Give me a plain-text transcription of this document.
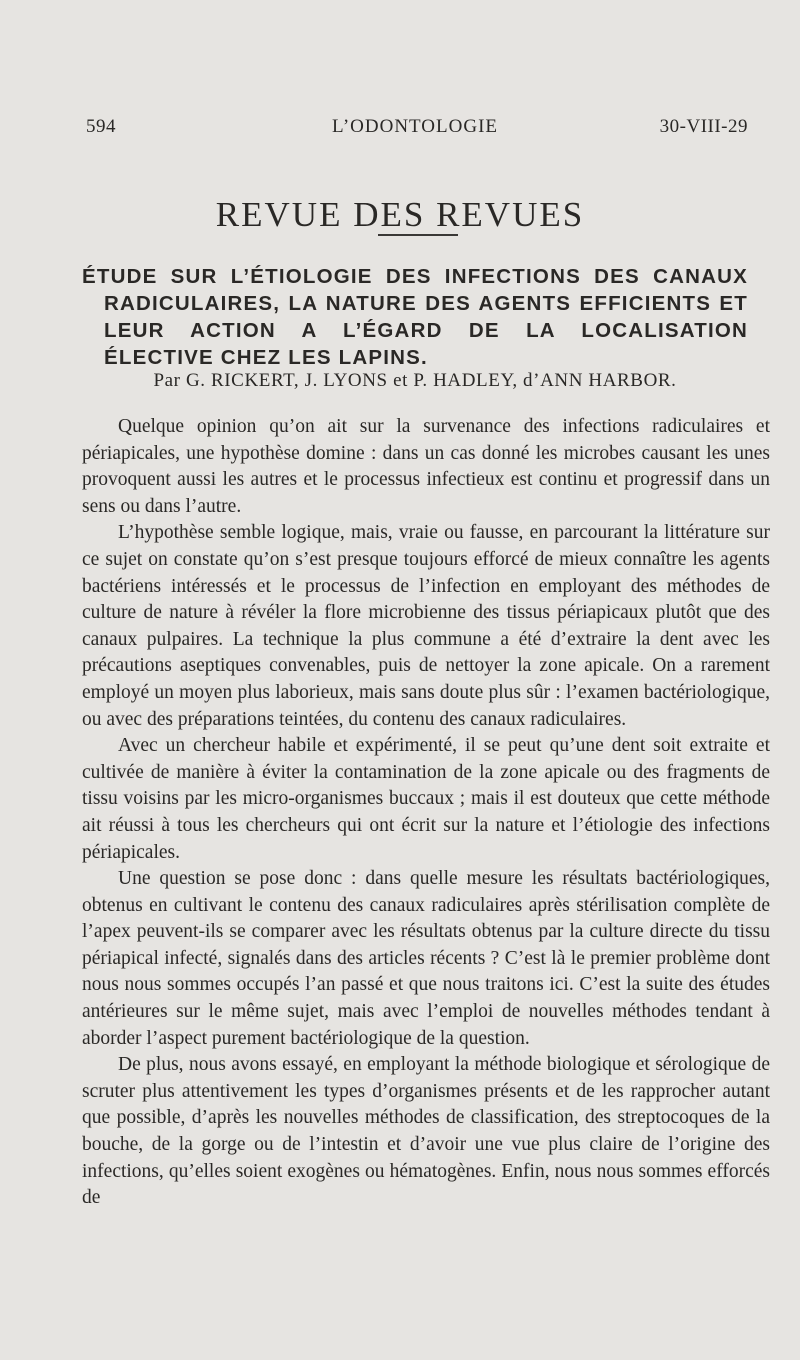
594	L’ODONTOLOGIE	30-VIII-29
REVUE DES REVUES
ÉTUDE SUR L’ÉTIOLOGIE DES INFECTIONS DES CANAUX RADICULAIRES, LA NATURE DES AGENTS EFFICIENTS ET LEUR ACTION A L’ÉGARD DE LA LOCALISATION ÉLECTIVE CHEZ LES LAPINS.
Par G. RICKERT, J. LYONS et P. HADLEY, d’ANN HARBOR.

Quelque opinion qu’on ait sur la survenance des infections radiculaires et périapicales, une hypothèse domine : dans un cas donné les microbes causant les unes provoquent aussi les autres et le processus infectieux est continu et progressif dans un sens ou dans l’autre.

L’hypothèse semble logique, mais, vraie ou fausse, en parcourant la littérature sur ce sujet on constate qu’on s’est presque toujours efforcé de mieux connaître les agents bactériens intéressés et le processus de l’infection en employant des méthodes de culture de nature à révéler la flore microbienne des tissus périapicaux plutôt que des canaux pulpaires. La technique la plus commune a été d’extraire la dent avec les précautions aseptiques convenables, puis de nettoyer la zone apicale. On a rarement employé un moyen plus laborieux, mais sans doute plus sûr : l’examen bactériologique, ou avec des préparations teintées, du contenu des canaux radiculaires.

Avec un chercheur habile et expérimenté, il se peut qu’une dent soit extraite et cultivée de manière à éviter la contamination de la zone apicale ou des fragments de tissu voisins par les micro-organismes buccaux ; mais il est douteux que cette méthode ait réussi à tous les chercheurs qui ont écrit sur la nature et l’étiologie des infections périapicales.

Une question se pose donc : dans quelle mesure les résultats bactériologiques, obtenus en cultivant le contenu des canaux radiculaires après stérilisation complète de l’apex peuvent-ils se comparer avec les résultats obtenus par la culture directe du tissu périapical infecté, signalés dans des articles récents ? C’est là le premier problème dont nous nous sommes occupés l’an passé et que nous traitons ici. C’est la suite des études antérieures sur le même sujet, mais avec l’emploi de nouvelles méthodes tendant à aborder l’aspect purement bactériologique de la question.

De plus, nous avons essayé, en employant la méthode biologique et sérologique de scruter plus attentivement les types d’organismes présents et de les rapprocher autant que possible, d’après les nouvelles méthodes de classification, des streptocoques de la bouche, de la gorge ou de l’intestin et d’avoir une vue plus claire de l’origine des infections, qu’elles soient exogènes ou hématogènes. Enfin, nous nous sommes efforcés de
